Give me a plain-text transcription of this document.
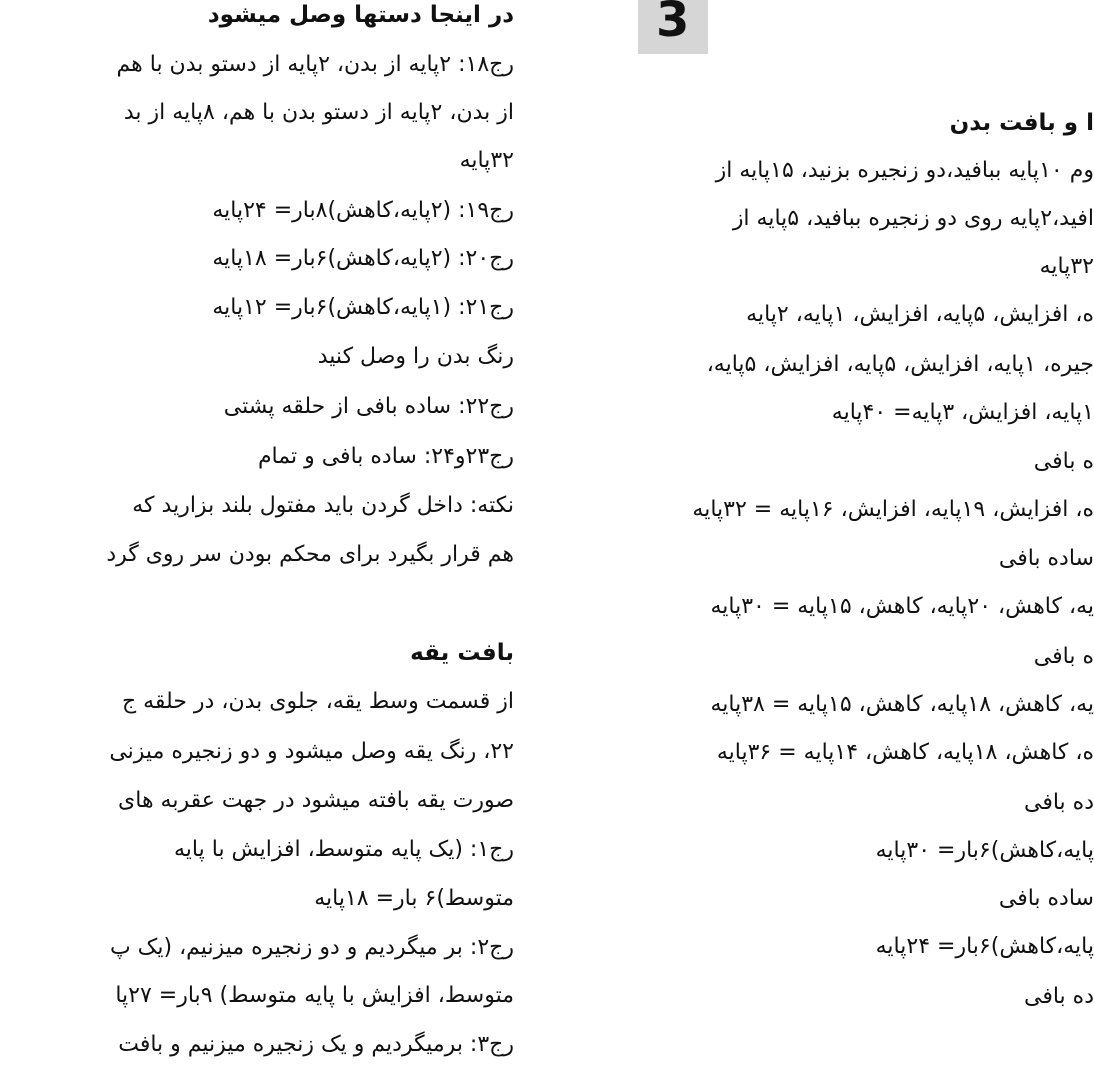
3
در اینجا دستها وصل میشود
رج۱۸: ۲پایه از بدن، ۲پایه از دستو بدن با هم
از بدن، ۲پایه از دستو بدن با هم، ۸پایه از بد
۳۲پایه
رج۱۹: (۲پایه،کاهش)۸بار= ۲۴پایه
رج۲۰: (۲پایه،کاهش)۶بار= ۱۸پایه
رج۲۱: (۱پایه،کاهش)۶بار= ۱۲پایه
رنگ بدن را وصل کنید
رج۲۲: ساده بافی از حلقه پشتی
رج۲۳و۲۴: ساده بافی و تمام
نکته: داخل گردن باید مفتول بلند بزارید که
هم قرار بگیرد برای محکم بودن سر روی گرد
بافت یقه
از قسمت وسط یقه، جلوی بدن، در حلقه ج
۲۲، رنگ یقه وصل میشود و دو زنجیره میزنی
صورت یقه بافته میشود در جهت عقربه های
رج۱: (یک پایه متوسط، افزایش با پایه
متوسط)۶ بار= ۱۸پایه
رج۲: بر میگردیم و دو زنجیره میزنیم، (یک پ
متوسط، افزایش با پایه متوسط) ۹بار= ۲۷پا
رج۳: برمیگردیم و یک زنجیره میزنیم و بافت
ا و بافت بدن
وم ۱۰پایه ببافید،دو زنجیره بزنید، ۱۵پایه از
افید،۲پایه روی دو زنجیره ببافید، ۵پایه از
۳۲پایه
ه، افزایش، ۵پایه، افزایش، ۱پایه، ۲پایه
جیره، ۱پایه، افزایش، ۵پایه، افزایش، ۵پایه،
۱پایه، افزایش، ۳پایه= ۴۰پایه
ه بافی
ه، افزایش، ۱۹پایه، افزایش، ۱۶پایه = ۳۲پایه
ساده بافی
یه، کاهش، ۲۰پایه، کاهش، ۱۵پایه = ۳۰پایه
ه بافی
یه، کاهش، ۱۸پایه، کاهش، ۱۵پایه = ۳۸پایه
ه، کاهش، ۱۸پایه، کاهش، ۱۴پایه = ۳۶پایه
ده بافی
پایه،کاهش)۶بار= ۳۰پایه
ساده بافی
پایه،کاهش)۶بار= ۲۴پایه
ده بافی
